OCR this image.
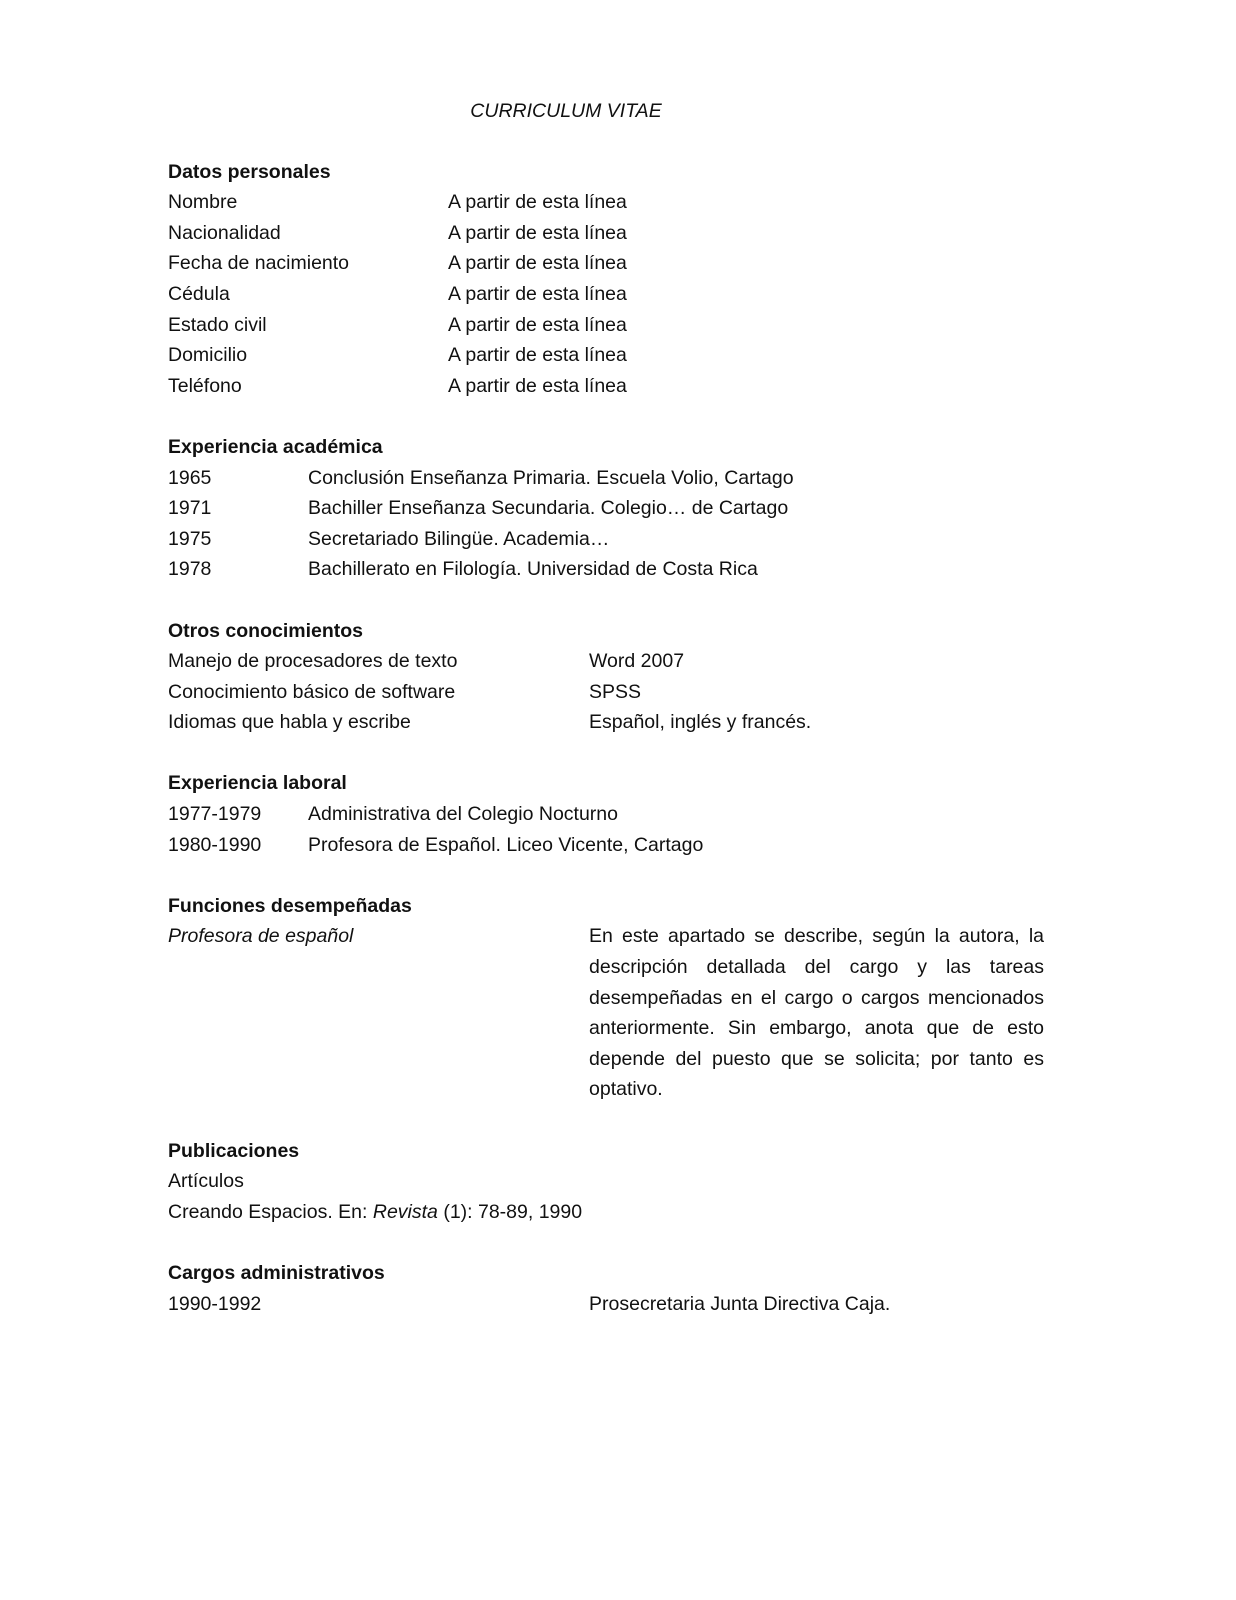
CURRICULUM VITAE
Datos personales
Nombre	A partir de esta línea
Nacionalidad	A partir de esta línea
Fecha de nacimiento	A partir de esta línea
Cédula	A partir de esta línea
Estado civil	A partir de esta línea
Domicilio	A partir de esta línea
Teléfono	A partir de esta línea
Experiencia académica
1965	Conclusión Enseñanza Primaria. Escuela Volio, Cartago
1971	Bachiller Enseñanza Secundaria. Colegio… de Cartago
1975	Secretariado Bilingüe. Academia…
1978	Bachillerato en Filología. Universidad de Costa Rica
Otros conocimientos
Manejo de procesadores de texto	Word 2007
Conocimiento básico de software	SPSS
Idiomas que habla y escribe	Español, inglés y francés.
Experiencia laboral
1977-1979	Administrativa del Colegio Nocturno
1980-1990	Profesora de Español. Liceo Vicente, Cartago
Funciones desempeñadas
Profesora de español	En este apartado se describe, según la autora, la descripción detallada del cargo y las tareas desempeñadas en el cargo o cargos mencionados anteriormente. Sin embargo, anota que de esto depende del puesto que se solicita; por tanto es optativo.
Publicaciones
Artículos
Creando Espacios. En: Revista (1): 78-89, 1990
Cargos administrativos
1990-1992	Prosecretaria Junta Directiva Caja.
